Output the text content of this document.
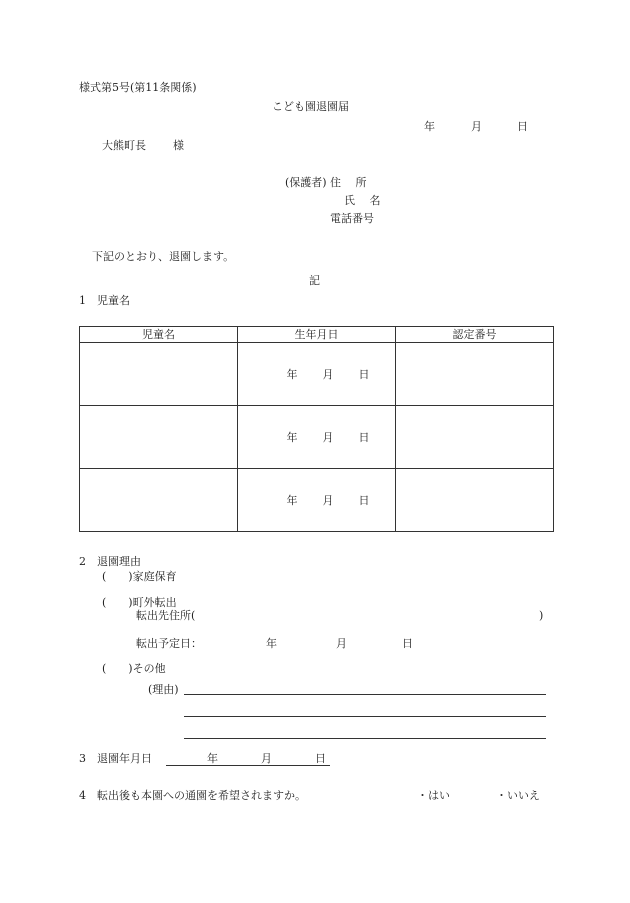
様式第5号(第11条関係)
こども園退園届
年	月	日
大熊町長 様
(保護者) 住　 所
氏　 名
電話番号
下記のとおり、退園します。
記
1　児童名
児童名	生年月日	認定番号
	年 月 日	
	年 月 日	
	年 月 日	
2　退園理由
(　　)家庭保育
(　　)町外転出
転出先住所(	)
転出予定日：	年	月	日
(　　)その他
(理由)
3　退園年月日	年	月	日
4　転出後も本園への通園を希望されますか。	・はい	・いいえ
